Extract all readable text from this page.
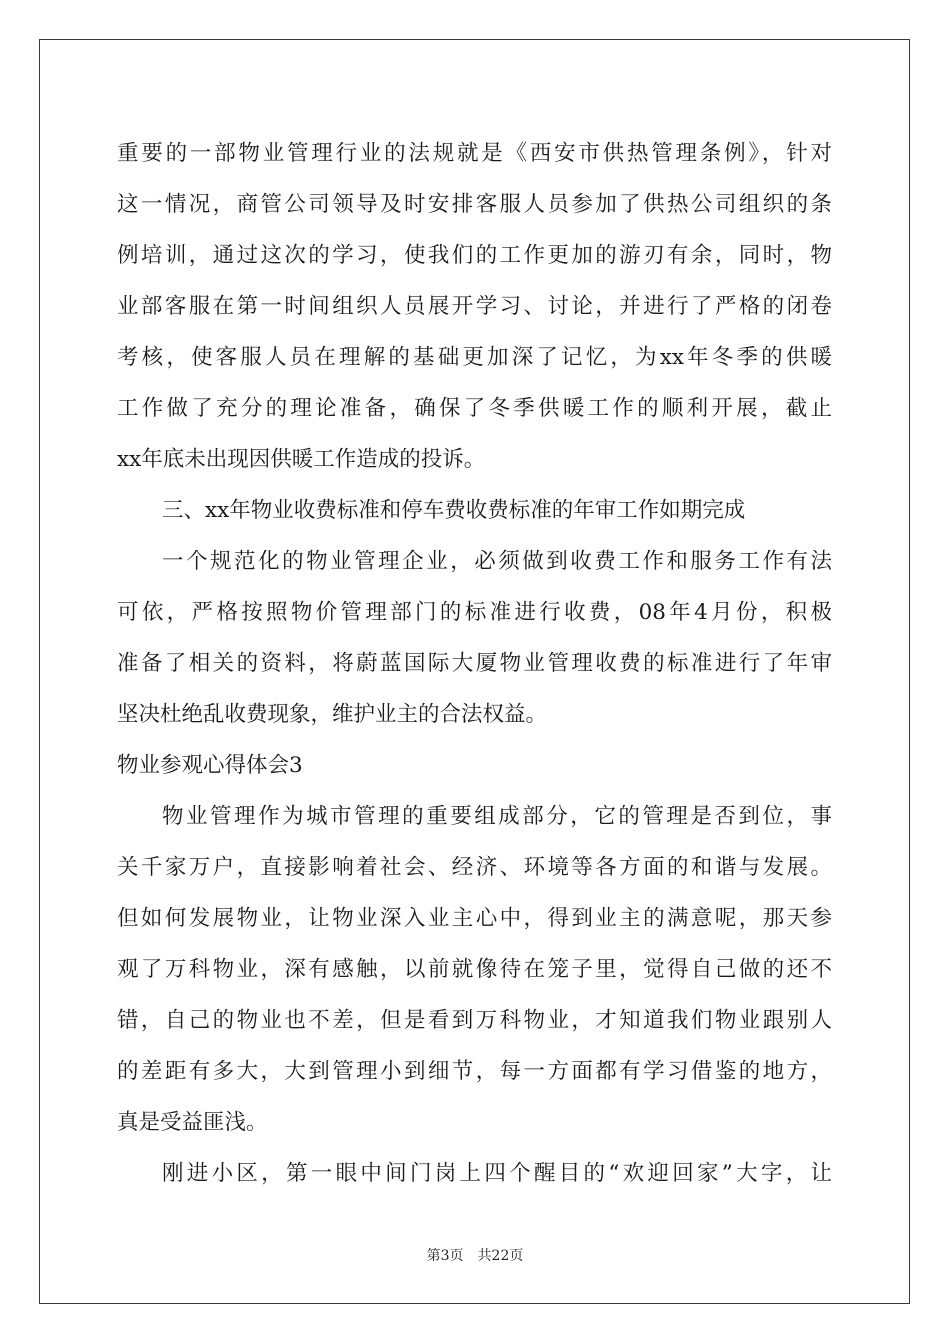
重要的一部物业管理行业的法规就是《西安市供热管理条例》，针对
这一情况，商管公司领导及时安排客服人员参加了供热公司组织的条
例培训，通过这次的学习，使我们的工作更加的游刃有余，同时，物
业部客服在第一时间组织人员展开学习、讨论，并进行了严格的闭卷
考核，使客服人员在理解的基础更加深了记忆，为xx年冬季的供暖
工作做了充分的理论准备，确保了冬季供暖工作的顺利开展，截止
xx年底未出现因供暖工作造成的投诉。
三、xx年物业收费标准和停车费收费标准的年审工作如期完成
一个规范化的物业管理企业，必须做到收费工作和服务工作有法
可依，严格按照物价管理部门的标准进行收费，08年4月份，积极
准备了相关的资料，将蔚蓝国际大厦物业管理收费的标准进行了年审
坚决杜绝乱收费现象，维护业主的合法权益。
物业参观心得体会3
物业管理作为城市管理的重要组成部分，它的管理是否到位，事
关千家万户，直接影响着社会、经济、环境等各方面的和谐与发展。
但如何发展物业，让物业深入业主心中，得到业主的满意呢，那天参
观了万科物业，深有感触，以前就像待在笼子里，觉得自己做的还不
错，自己的物业也不差，但是看到万科物业，才知道我们物业跟别人
的差距有多大，大到管理小到细节，每一方面都有学习借鉴的地方，
真是受益匪浅。
刚进小区，第一眼中间门岗上四个醒目的“欢迎回家”大字，让
第3页 共22页
